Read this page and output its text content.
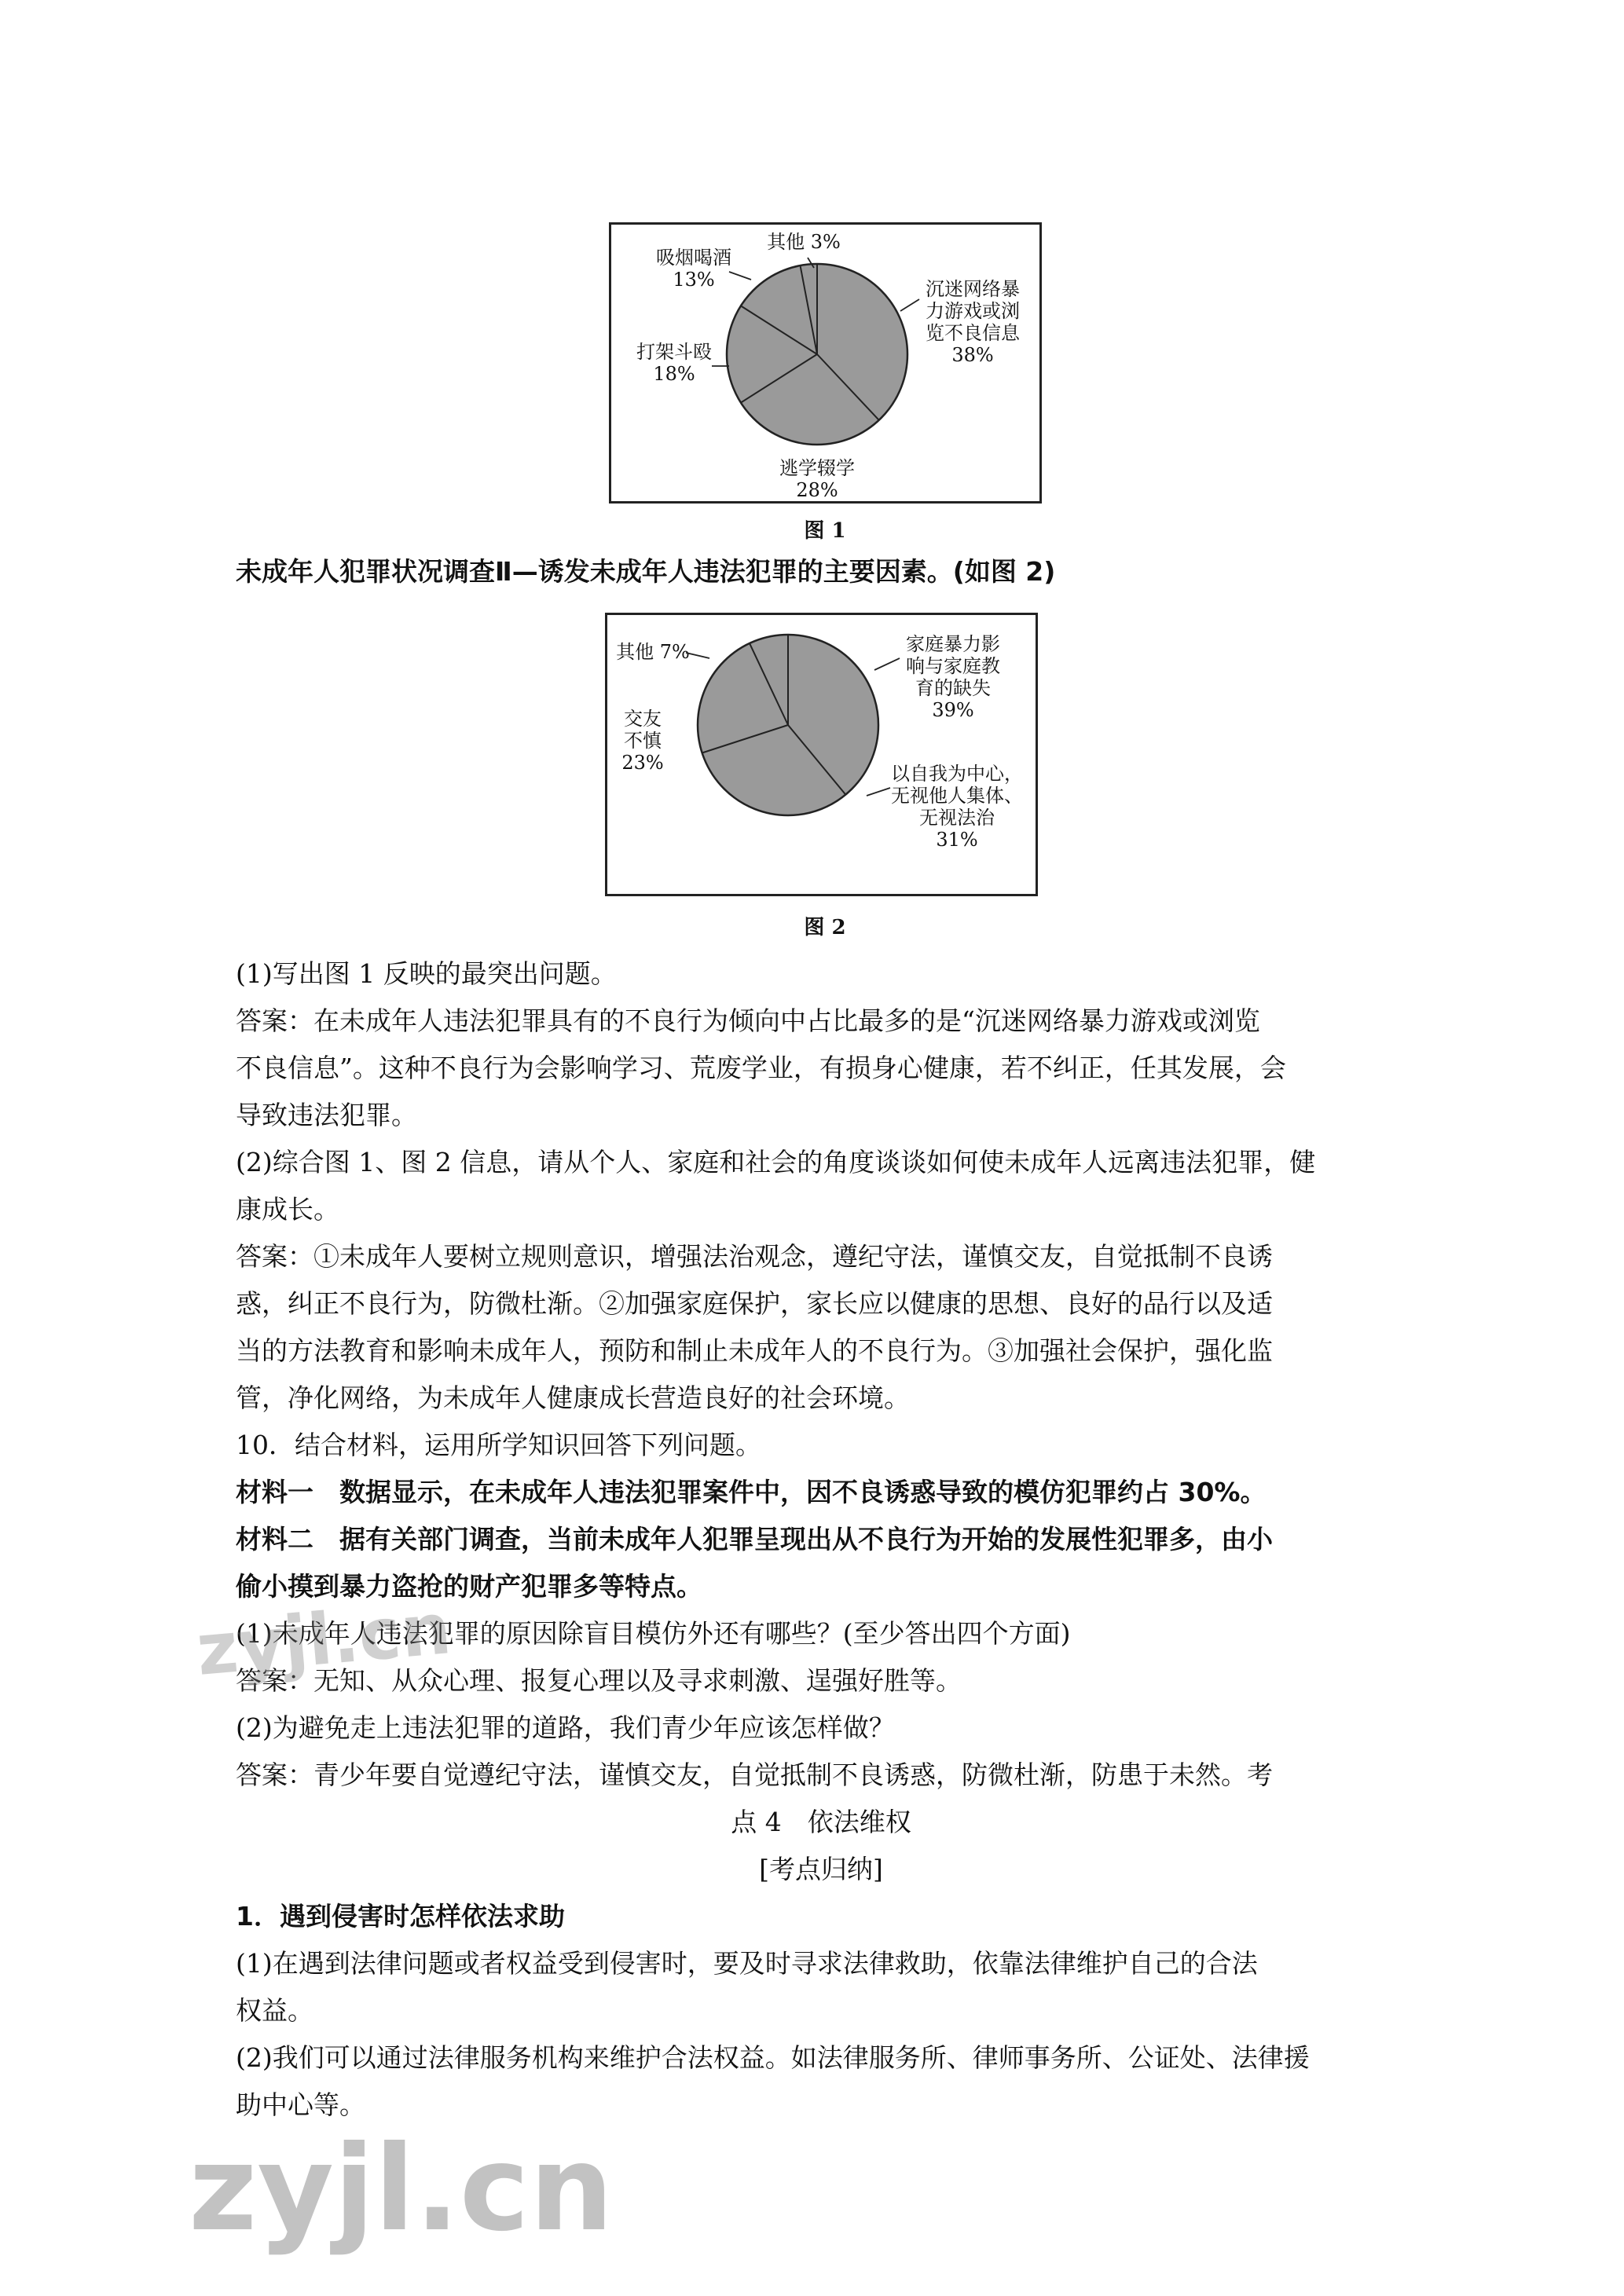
沉迷网络暴力游戏或浏览不良信息 38%
逃学辍学 28%
打架斗殴 18%
吸烟喝酒 13%
其他 3%
图 1
未成年人犯罪状况调查Ⅱ—诱发未成年人违法犯罪的主要因素。(如图 2)
家庭暴力影响与家庭教育的缺失 39%
以自我为中心，无视他人集体、无视法治 31%
交友不慎 23%
其他 7%
图 2
(1)写出图 1 反映的最突出问题。
答案：在未成年人违法犯罪具有的不良行为倾向中占比最多的是“沉迷网络暴力游戏或浏览
不良信息”。这种不良行为会影响学习、荒废学业，有损身心健康，若不纠正，任其发展，会
导致违法犯罪。
(2)综合图 1、图 2 信息，请从个人、家庭和社会的角度谈谈如何使未成年人远离违法犯罪，健
康成长。
答案：①未成年人要树立规则意识，增强法治观念，遵纪守法，谨慎交友，自觉抵制不良诱
惑，纠正不良行为，防微杜渐。②加强家庭保护，家长应以健康的思想、良好的品行以及适
当的方法教育和影响未成年人，预防和制止未成年人的不良行为。③加强社会保护，强化监
管，净化网络，为未成年人健康成长营造良好的社会环境。
10．结合材料，运用所学知识回答下列问题。
材料一　数据显示，在未成年人违法犯罪案件中，因不良诱惑导致的模仿犯罪约占 30%。
材料二　据有关部门调查，当前未成年人犯罪呈现出从不良行为开始的发展性犯罪多，由小
偷小摸到暴力盗抢的财产犯罪多等特点。
(1)未成年人违法犯罪的原因除盲目模仿外还有哪些？(至少答出四个方面)
答案：无知、从众心理、报复心理以及寻求刺激、逞强好胜等。
(2)为避免走上违法犯罪的道路，我们青少年应该怎样做？
答案：青少年要自觉遵纪守法，谨慎交友，自觉抵制不良诱惑，防微杜渐，防患于未然。考
点 4　依法维权
[考点归纳]
1．遇到侵害时怎样依法求助
(1)在遇到法律问题或者权益受到侵害时，要及时寻求法律救助，依靠法律维护自己的合法
权益。
(2)我们可以通过法律服务机构来维护合法权益。如法律服务所、律师事务所、公证处、法律援
助中心等。
zyjl.cn
zyjl.cn
